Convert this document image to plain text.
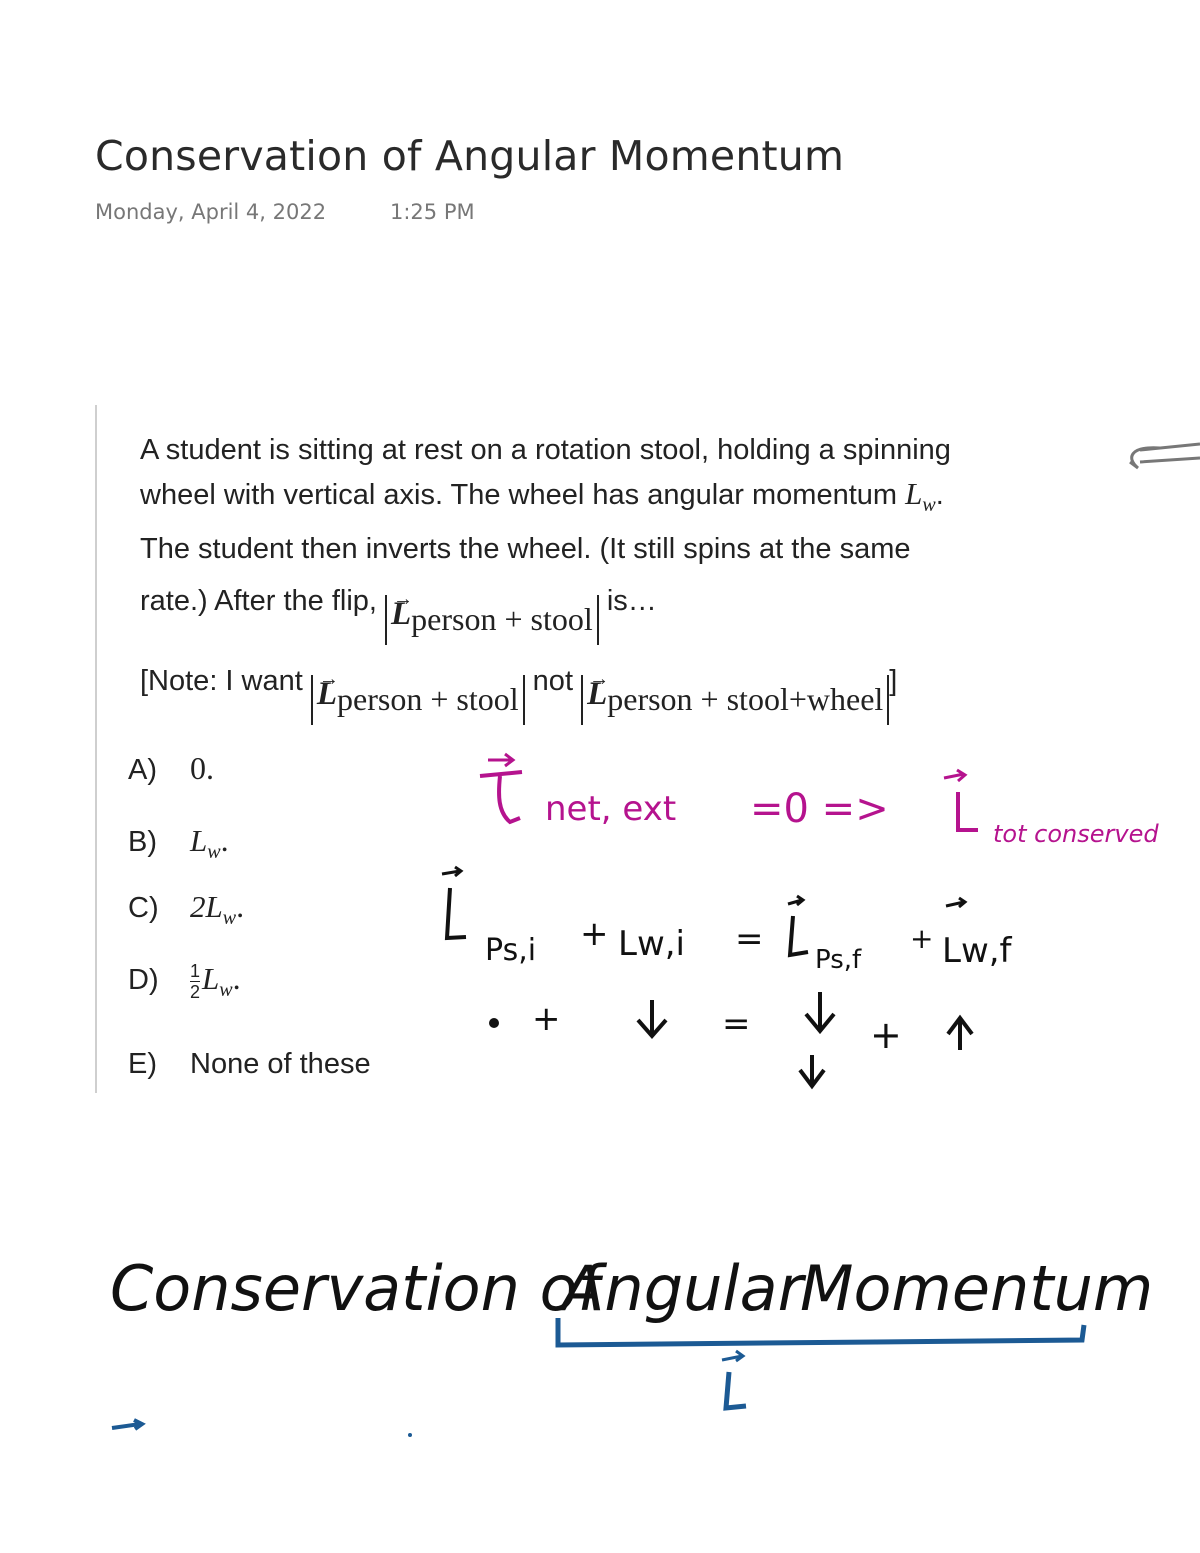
Conservation of Angular Momentum
Monday, April 4, 2022	1:25 PM
A student is sitting at rest on a rotation stool, holding a spinning
wheel with vertical axis. The wheel has angular momentum $L_w$.
The student then inverts the wheel. (It still spins at the same
rate.) After the flip, → Lperson + stool is…
[Note: I want → Lperson + stool not → Lperson + stool+wheel ]
A) 0.
B) $L_w$.
C) $2L_w$.
$D) \frac{1}{2} L_w$.
E) None of these
net, ext =0 =>
tot conserved
Ps,i + Lw,i =
Ps,f
+ Lw,f
+	=	+
Conservation of
Angular
Momentum
